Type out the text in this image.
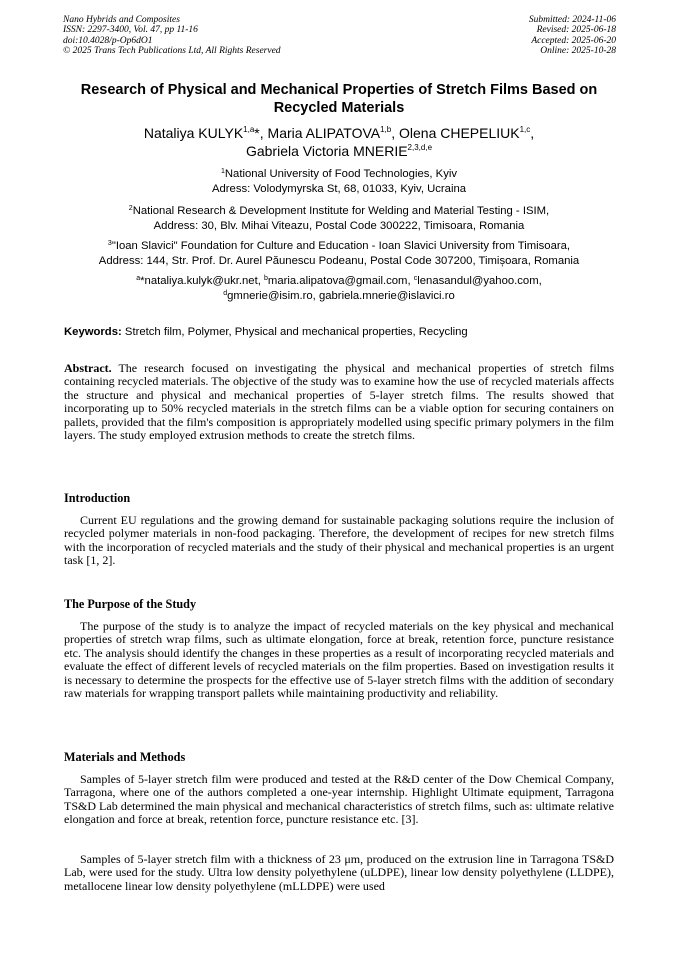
Nano Hybrids and Composites
ISSN: 2297-3400, Vol. 47, pp 11-16
doi:10.4028/p-Op6dO1
© 2025 Trans Tech Publications Ltd, All Rights Reserved
Submitted: 2024-11-06
Revised: 2025-06-18
Accepted: 2025-06-20
Online: 2025-10-28
Research of Physical and Mechanical Properties of Stretch Films Based on Recycled Materials
Nataliya KULYK$^{1,a}$*, Maria ALIPATOVA$^{1,b}$, Olena CHEPELIUK$^{1,c}$,
Gabriela Victoria MNERIE$^{2,3,d,e}$
$^1$National University of Food Technologies, Kyiv
Adress: Volodymyrska St, 68, 01033, Kyiv, Ucraina
$^2$National Research & Development Institute for Welding and Material Testing - ISIM,
Address: 30, Blv. Mihai Viteazu, Postal Code 300222, Timisoara, Romania
$^3$"Ioan Slavici" Foundation for Culture and Education - Ioan Slavici University from Timisoara,
Address: 144, Str. Prof. Dr. Aurel Păunescu Podeanu, Postal Code 307200, Timișoara, Romania
$^a$*nataliya.kulyk@ukr.net, $^b$maria.alipatova@gmail.com, $^c$lenasandul@yahoo.com,
$^d$gmnerie@isim.ro, gabriela.mnerie@islavici.ro
Keywords: Stretch film, Polymer, Physical and mechanical properties, Recycling
Abstract. The research focused on investigating the physical and mechanical properties of stretch films containing recycled materials. The objective of the study was to examine how the use of recycled materials affects the structure and physical and mechanical properties of 5-layer stretch films. The results showed that incorporating up to 50% recycled materials in the stretch films can be a viable option for securing containers on pallets, provided that the film's composition is appropriately modelled using specific primary polymers in the film layers. The study employed extrusion methods to create the stretch films.
Introduction
Current EU regulations and the growing demand for sustainable packaging solutions require the inclusion of recycled polymer materials in non-food packaging. Therefore, the development of recipes for new stretch films with the incorporation of recycled materials and the study of their physical and mechanical properties is an urgent task [1, 2].
The Purpose of the Study
The purpose of the study is to analyze the impact of recycled materials on the key physical and mechanical properties of stretch wrap films, such as ultimate elongation, force at break, retention force, puncture resistance etc. The analysis should identify the changes in these properties as a result of incorporating recycled materials and evaluate the effect of different levels of recycled materials on the film properties. Based on investigation results it is necessary to determine the prospects for the effective use of 5-layer stretch films with the addition of secondary raw materials for wrapping transport pallets while maintaining productivity and reliability.
Materials and Methods
Samples of 5-layer stretch film were produced and tested at the R&D center of the Dow Chemical Company, Tarragona, where one of the authors completed a one-year internship. Highlight Ultimate equipment, Tarragona TS&D Lab determined the main physical and mechanical characteristics of stretch films, such as: ultimate relative elongation and force at break, retention force, puncture resistance etc. [3].
Samples of 5-layer stretch film with a thickness of 23 μm, produced on the extrusion line in Tarragona TS&D Lab, were used for the study. Ultra low density polyethylene (uLDPE), linear low density polyethylene (LLDPE), metallocene linear low density polyethylene (mLLDPE) were used
